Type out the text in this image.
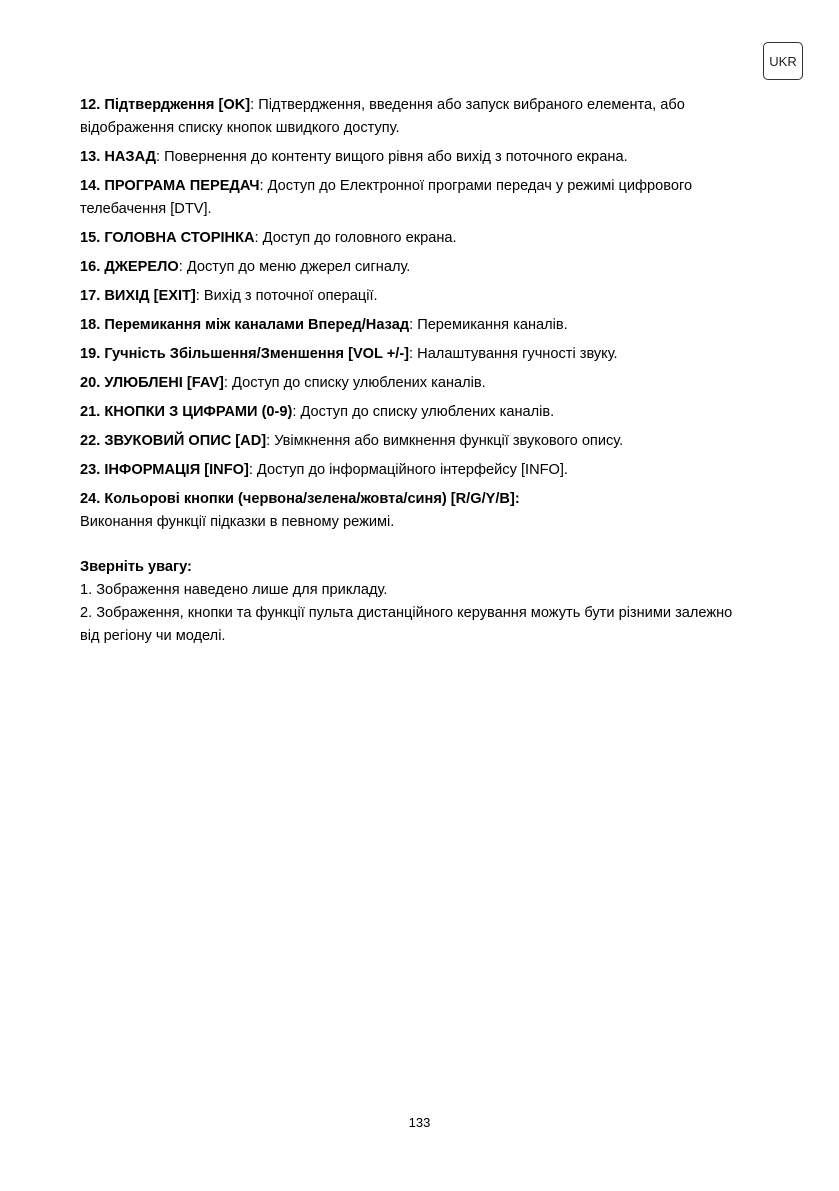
UKR

12. Підтвердження [OK]: Підтвердження, введення або запуск вибраного елемента, або відображення списку кнопок швидкого доступу.

13. НАЗАД: Повернення до контенту вищого рівня або вихід з поточного екрана.

14. ПРОГРАМА ПЕРЕДАЧ: Доступ до Електронної програми передач у режимі цифрового телебачення [DTV].

15. ГОЛОВНА СТОРІНКА: Доступ до головного екрана.

16. ДЖЕРЕЛО: Доступ до меню джерел сигналу.

17. ВИХІД [EXIT]: Вихід з поточної операції.

18. Перемикання між каналами Вперед/Назад: Перемикання каналів.

19. Гучність Збільшення/Зменшення [VOL +/-]: Налаштування гучності звуку.

20. УЛЮБЛЕНІ [FAV]: Доступ до списку улюблених каналів.

21. КНОПКИ З ЦИФРАМИ (0-9): Доступ до списку улюблених каналів.

22. ЗВУКОВИЙ ОПИС [AD]: Увімкнення або вимкнення функції звукового опису.

23. ІНФОРМАЦІЯ [INFO]: Доступ до інформаційного інтерфейсу [INFO].

24. Кольорові кнопки (червона/зелена/жовта/синя) [R/G/Y/B]:
Виконання функції підказки в певному режимі.

Зверніть увагу:

1. Зображення наведено лише для прикладу.

2. Зображення, кнопки та функції пульта дистанційного керування можуть бути різними залежно від регіону чи моделі.

133
